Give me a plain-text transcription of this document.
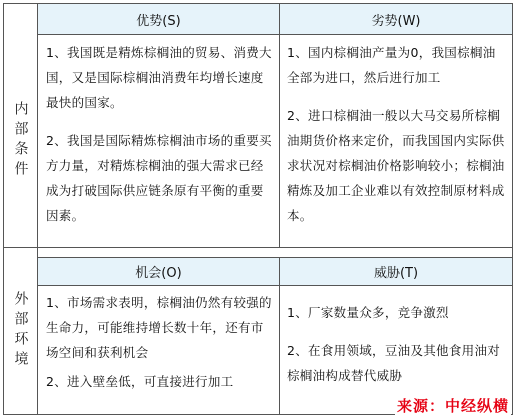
优势(S)	劣势(W)
内部条件
外部环境

1、我国既是精炼棕榈油的贸易、消费大国，又是国际棕榈油消费年均增长速度最快的国家。

2、我国是国际精炼棕榈油市场的重要买方力量，对精炼棕榈油的强大需求已经成为打破国际供应链条原有平衡的重要因素。

1、国内棕榈油产量为0，我国棕榈油全部为进口，然后进行加工

2、进口棕榈油一般以大马交易所棕榈油期货价格来定价，而我国国内实际供求状况对棕榈油价格影响较小；棕榈油精炼及加工企业难以有效控制原材料成本。

机会(O)	威胁(T)

1、市场需求表明，棕榈油仍然有较强的生命力，可能维持增长数十年，还有市场空间和获利机会

2、进入壁垒低，可直接进行加工

1、厂家数量众多，竞争激烈

2、在食用领域，豆油及其他食用油对棕榈油构成替代威胁

来源：中经纵横
